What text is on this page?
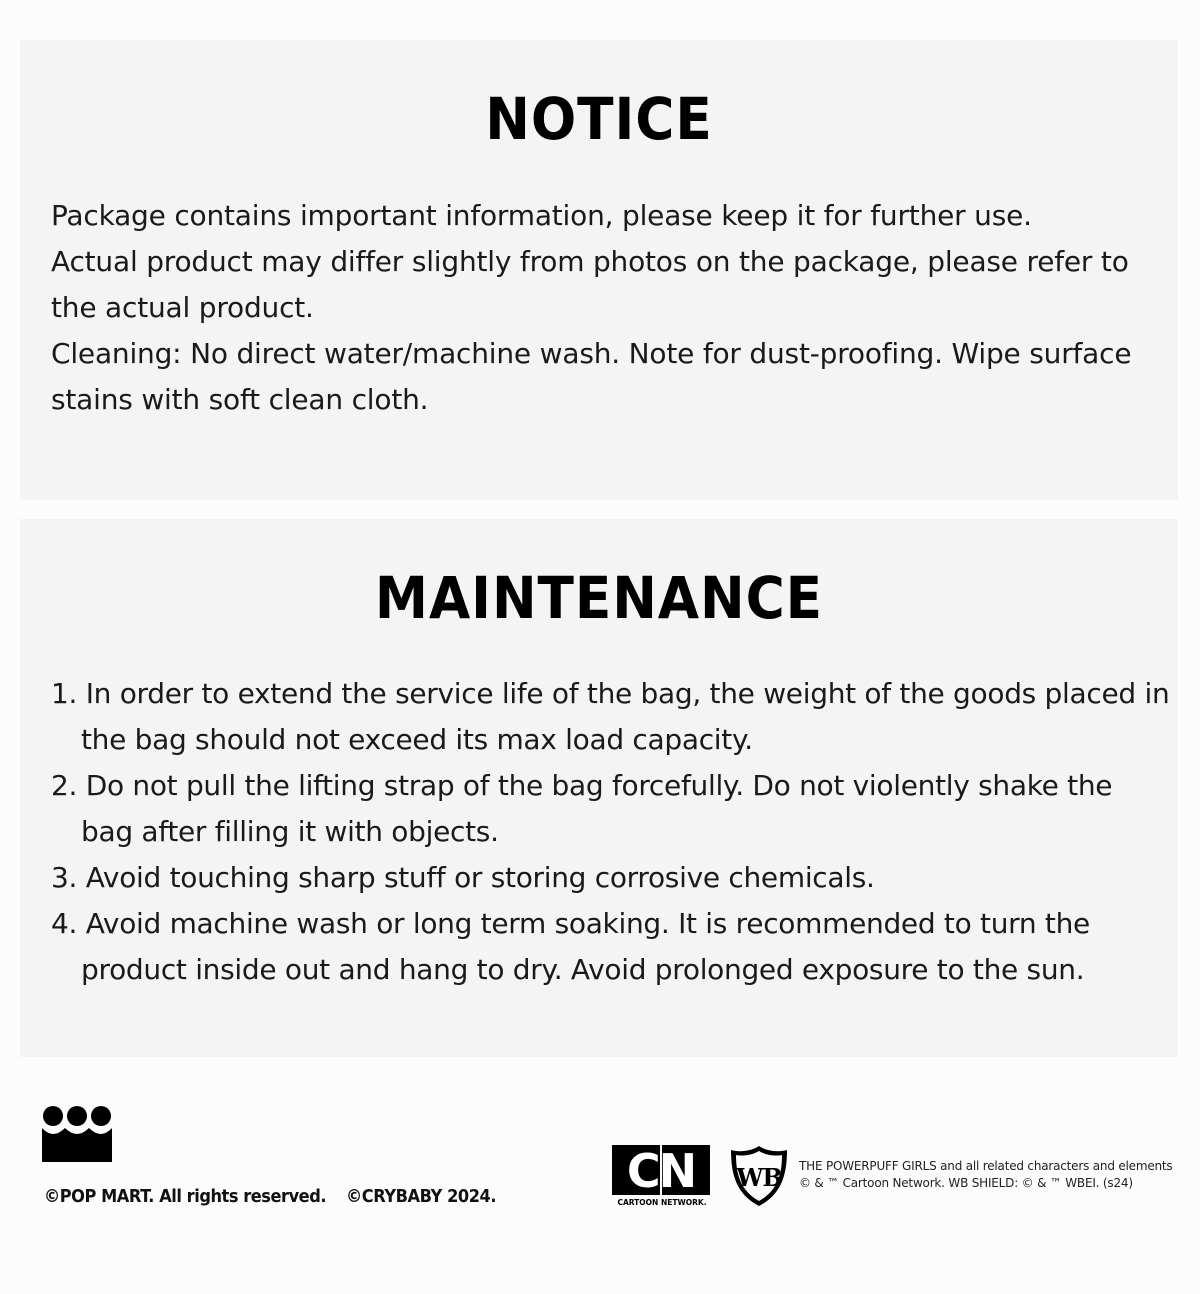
NOTICE

Package contains important information, please keep it for further use.

Actual product may differ slightly from photos on the package, please refer to the actual product.

Cleaning: No direct water/machine wash. Note for dust-proofing. Wipe surface stains with soft clean cloth.

MAINTENANCE
1. In order to extend the service life of the bag, the weight of the goods placed in the bag should not exceed its max load capacity.
2. Do not pull the lifting strap of the bag forcefully. Do not violently shake the bag after filling it with objects.
3. Avoid touching sharp stuff or storing corrosive chemicals.
4. Avoid machine wash or long term soaking. It is recommended to turn the product inside out and hang to dry. Avoid prolonged exposure to the sun.
©POP MART. All rights reserved. ©CRYBABY 2024.	CN
CARTOON NETWORK.
WB THE POWERPUFF GIRLS and all related characters and elements
© & ™ Cartoon Network. WB SHIELD: © & ™ WBEI. (s24)
